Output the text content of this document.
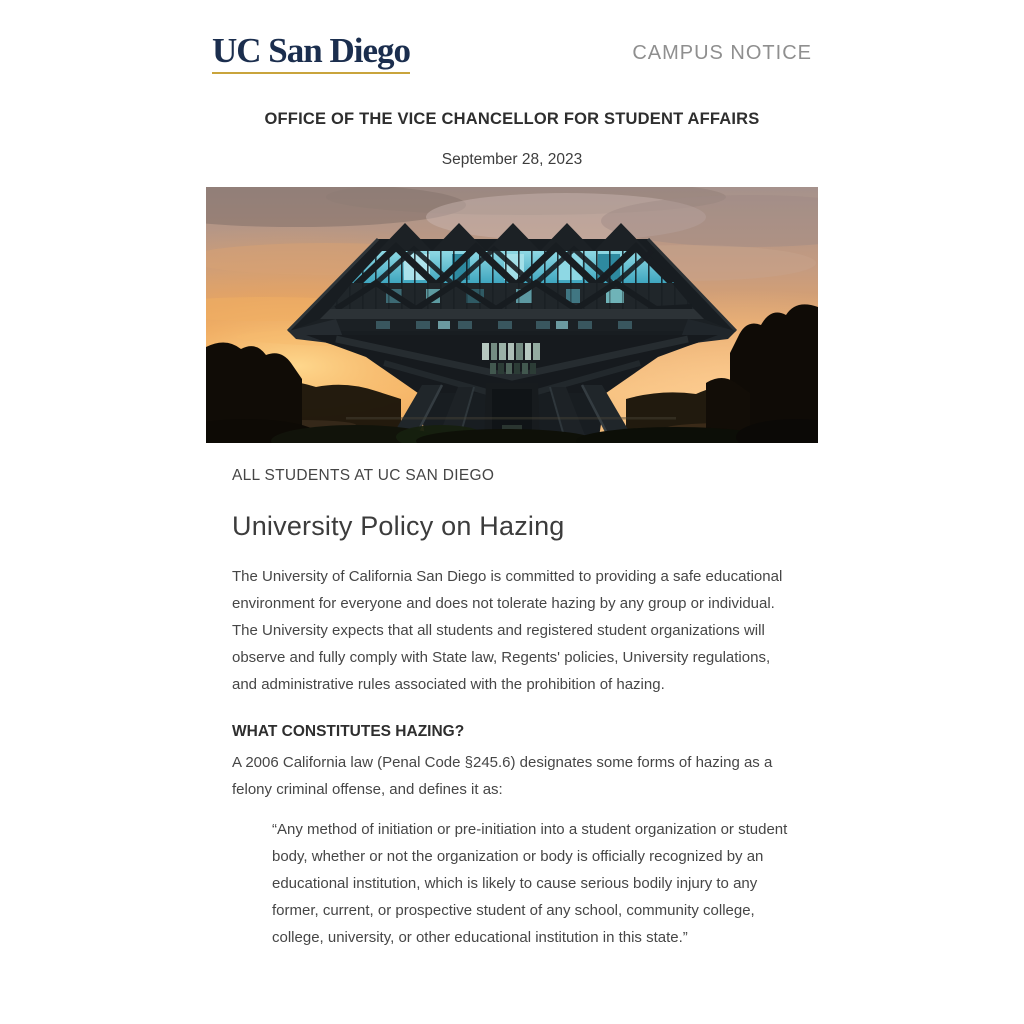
UC San Diego	CAMPUS NOTICE
OFFICE OF THE VICE CHANCELLOR FOR STUDENT AFFAIRS
September 28, 2023
ALL STUDENTS AT UC SAN DIEGO
University Policy on Hazing

The University of California San Diego is committed to providing a safe educational environment for everyone and does not tolerate hazing by any group or individual. The University expects that all students and registered student organizations will observe and fully comply with State law, Regents' policies, University regulations, and administrative rules associated with the prohibition of hazing.

WHAT CONSTITUTES HAZING?

A 2006 California law (Penal Code §245.6) designates some forms of hazing as a felony criminal offense, and defines it as:

“Any method of initiation or pre-initiation into a student organization or student body, whether or not the organization or body is officially recognized by an educational institution, which is likely to cause serious bodily injury to any former, current, or prospective student of any school, community college, college, university, or other educational institution in this state.”
